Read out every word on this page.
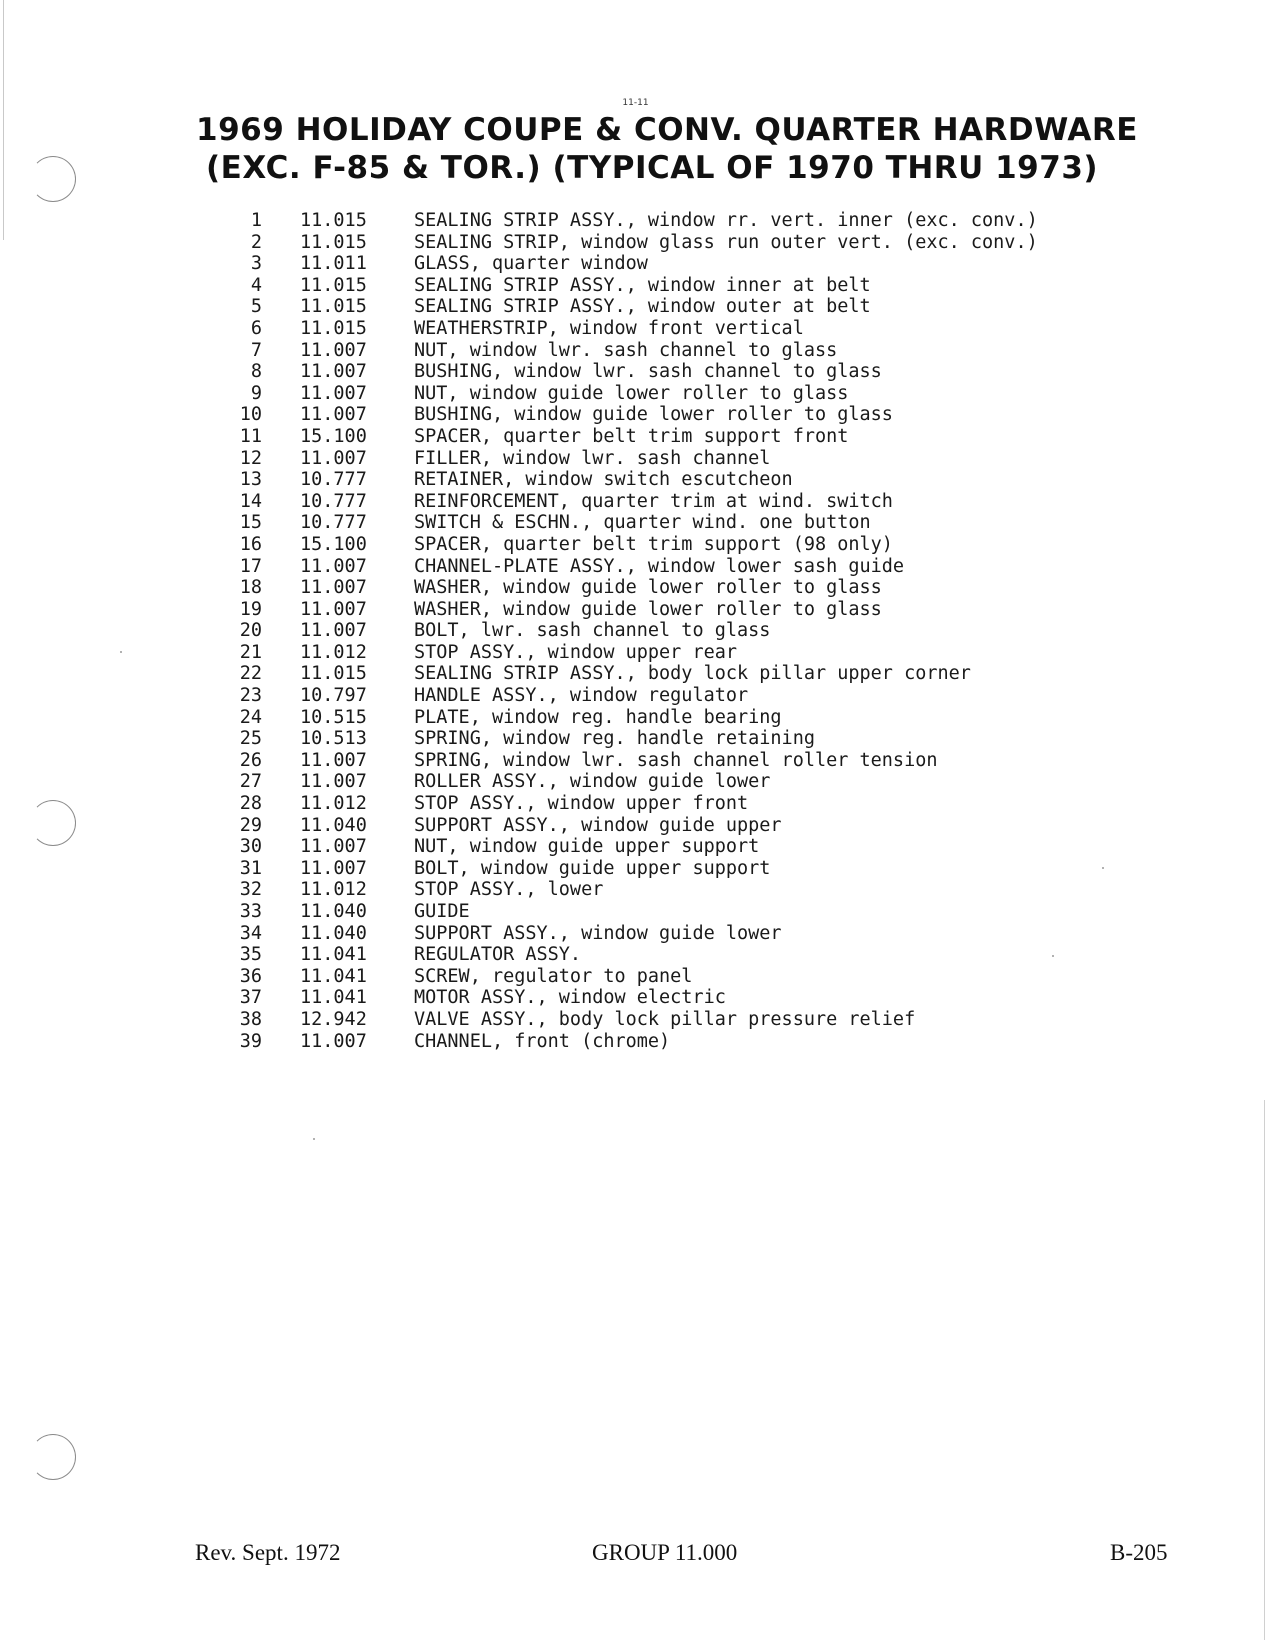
11-11
1969 HOLIDAY COUPE & CONV. QUARTER HARDWARE
(EXC. F-85 & TOR.) (TYPICAL OF 1970 THRU 1973)
1 11.015	SEALING STRIP ASSY., window rr. vert. inner (exc. conv.)
2 11.015	SEALING STRIP, window glass run outer vert. (exc. conv.)
3 11.011	GLASS, quarter window
4 11.015	SEALING STRIP ASSY., window inner at belt
5 11.015	SEALING STRIP ASSY., window outer at belt
6 11.015	WEATHERSTRIP, window front vertical
7 11.007	NUT, window lwr. sash channel to glass
8 11.007	BUSHING, window lwr. sash channel to glass
9 11.007	NUT, window guide lower roller to glass
10 11.007	BUSHING, window guide lower roller to glass
11 15.100	SPACER, quarter belt trim support front
12 11.007	FILLER, window lwr. sash channel
13 10.777	RETAINER, window switch escutcheon
14 10.777	REINFORCEMENT, quarter trim at wind. switch
15 10.777	SWITCH & ESCHN., quarter wind. one button
16 15.100	SPACER, quarter belt trim support (98 only)
17 11.007	CHANNEL-PLATE ASSY., window lower sash guide
18 11.007	WASHER, window guide lower roller to glass
19 11.007	WASHER, window guide lower roller to glass
20 11.007	BOLT, lwr. sash channel to glass
21 11.012	STOP ASSY., window upper rear
22 11.015	SEALING STRIP ASSY., body lock pillar upper corner
23 10.797	HANDLE ASSY., window regulator
24 10.515	PLATE, window reg. handle bearing
25 10.513	SPRING, window reg. handle retaining
26 11.007	SPRING, window lwr. sash channel roller tension
27 11.007	ROLLER ASSY., window guide lower
28 11.012	STOP ASSY., window upper front
29 11.040	SUPPORT ASSY., window guide upper
30 11.007	NUT, window guide upper support
31 11.007	BOLT, window guide upper support
32 11.012	STOP ASSY., lower
33 11.040	GUIDE
34 11.040	SUPPORT ASSY., window guide lower
35 11.041	REGULATOR ASSY.
36 11.041	SCREW, regulator to panel
37 11.041	MOTOR ASSY., window electric
38 12.942	VALVE ASSY., body lock pillar pressure relief
39 11.007	CHANNEL, front (chrome)
Rev. Sept. 1972	GROUP 11.000	B-205
